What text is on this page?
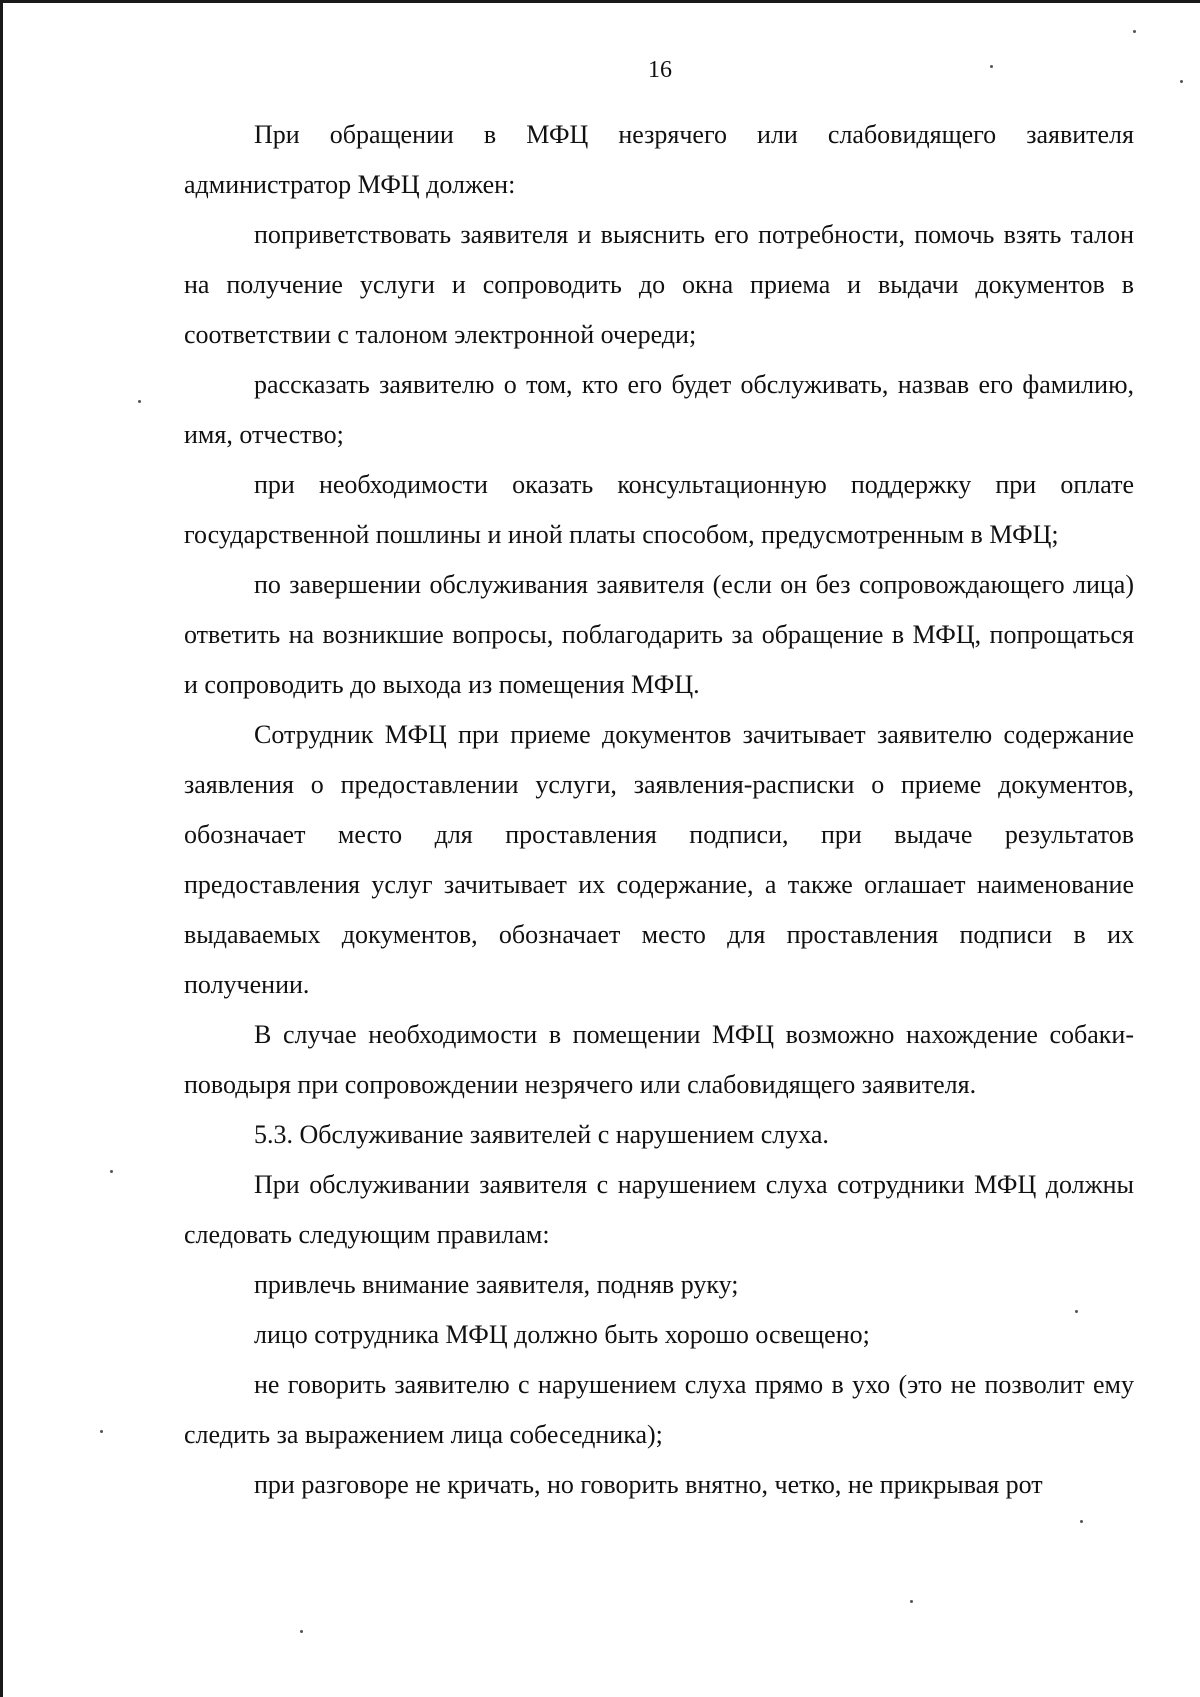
16

При обращении в МФЦ незрячего или слабовидящего заявителя администратор МФЦ должен:

поприветствовать заявителя и выяснить его потребности, помочь взять талон на получение услуги и сопроводить до окна приема и выдачи документов в соответствии с талоном электронной очереди;

рассказать заявителю о том, кто его будет обслуживать, назвав его фамилию, имя, отчество;

при необходимости оказать консультационную поддержку при оплате государственной пошлины и иной платы способом, предусмотренным в МФЦ;

по завершении обслуживания заявителя (если он без сопровождающего лица) ответить на возникшие вопросы, поблагодарить за обращение в МФЦ, попрощаться и сопроводить до выхода из помещения МФЦ.

Сотрудник МФЦ при приеме документов зачитывает заявителю содержание заявления о предоставлении услуги, заявления-расписки о приеме документов, обозначает место для проставления подписи, при выдаче результатов предоставления услуг зачитывает их содержание, а также оглашает наименование выдаваемых документов, обозначает место для проставления подписи в их получении.

В случае необходимости в помещении МФЦ возможно нахождение собаки-поводыря при сопровождении незрячего или слабовидящего заявителя.

5.3. Обслуживание заявителей с нарушением слуха.

При обслуживании заявителя с нарушением слуха сотрудники МФЦ должны следовать следующим правилам:

привлечь внимание заявителя, подняв руку;

лицо сотрудника МФЦ должно быть хорошо освещено;

не говорить заявителю с нарушением слуха прямо в ухо (это не позволит ему следить за выражением лица собеседника);

при разговоре не кричать, но говорить внятно, четко, не прикрывая рот
